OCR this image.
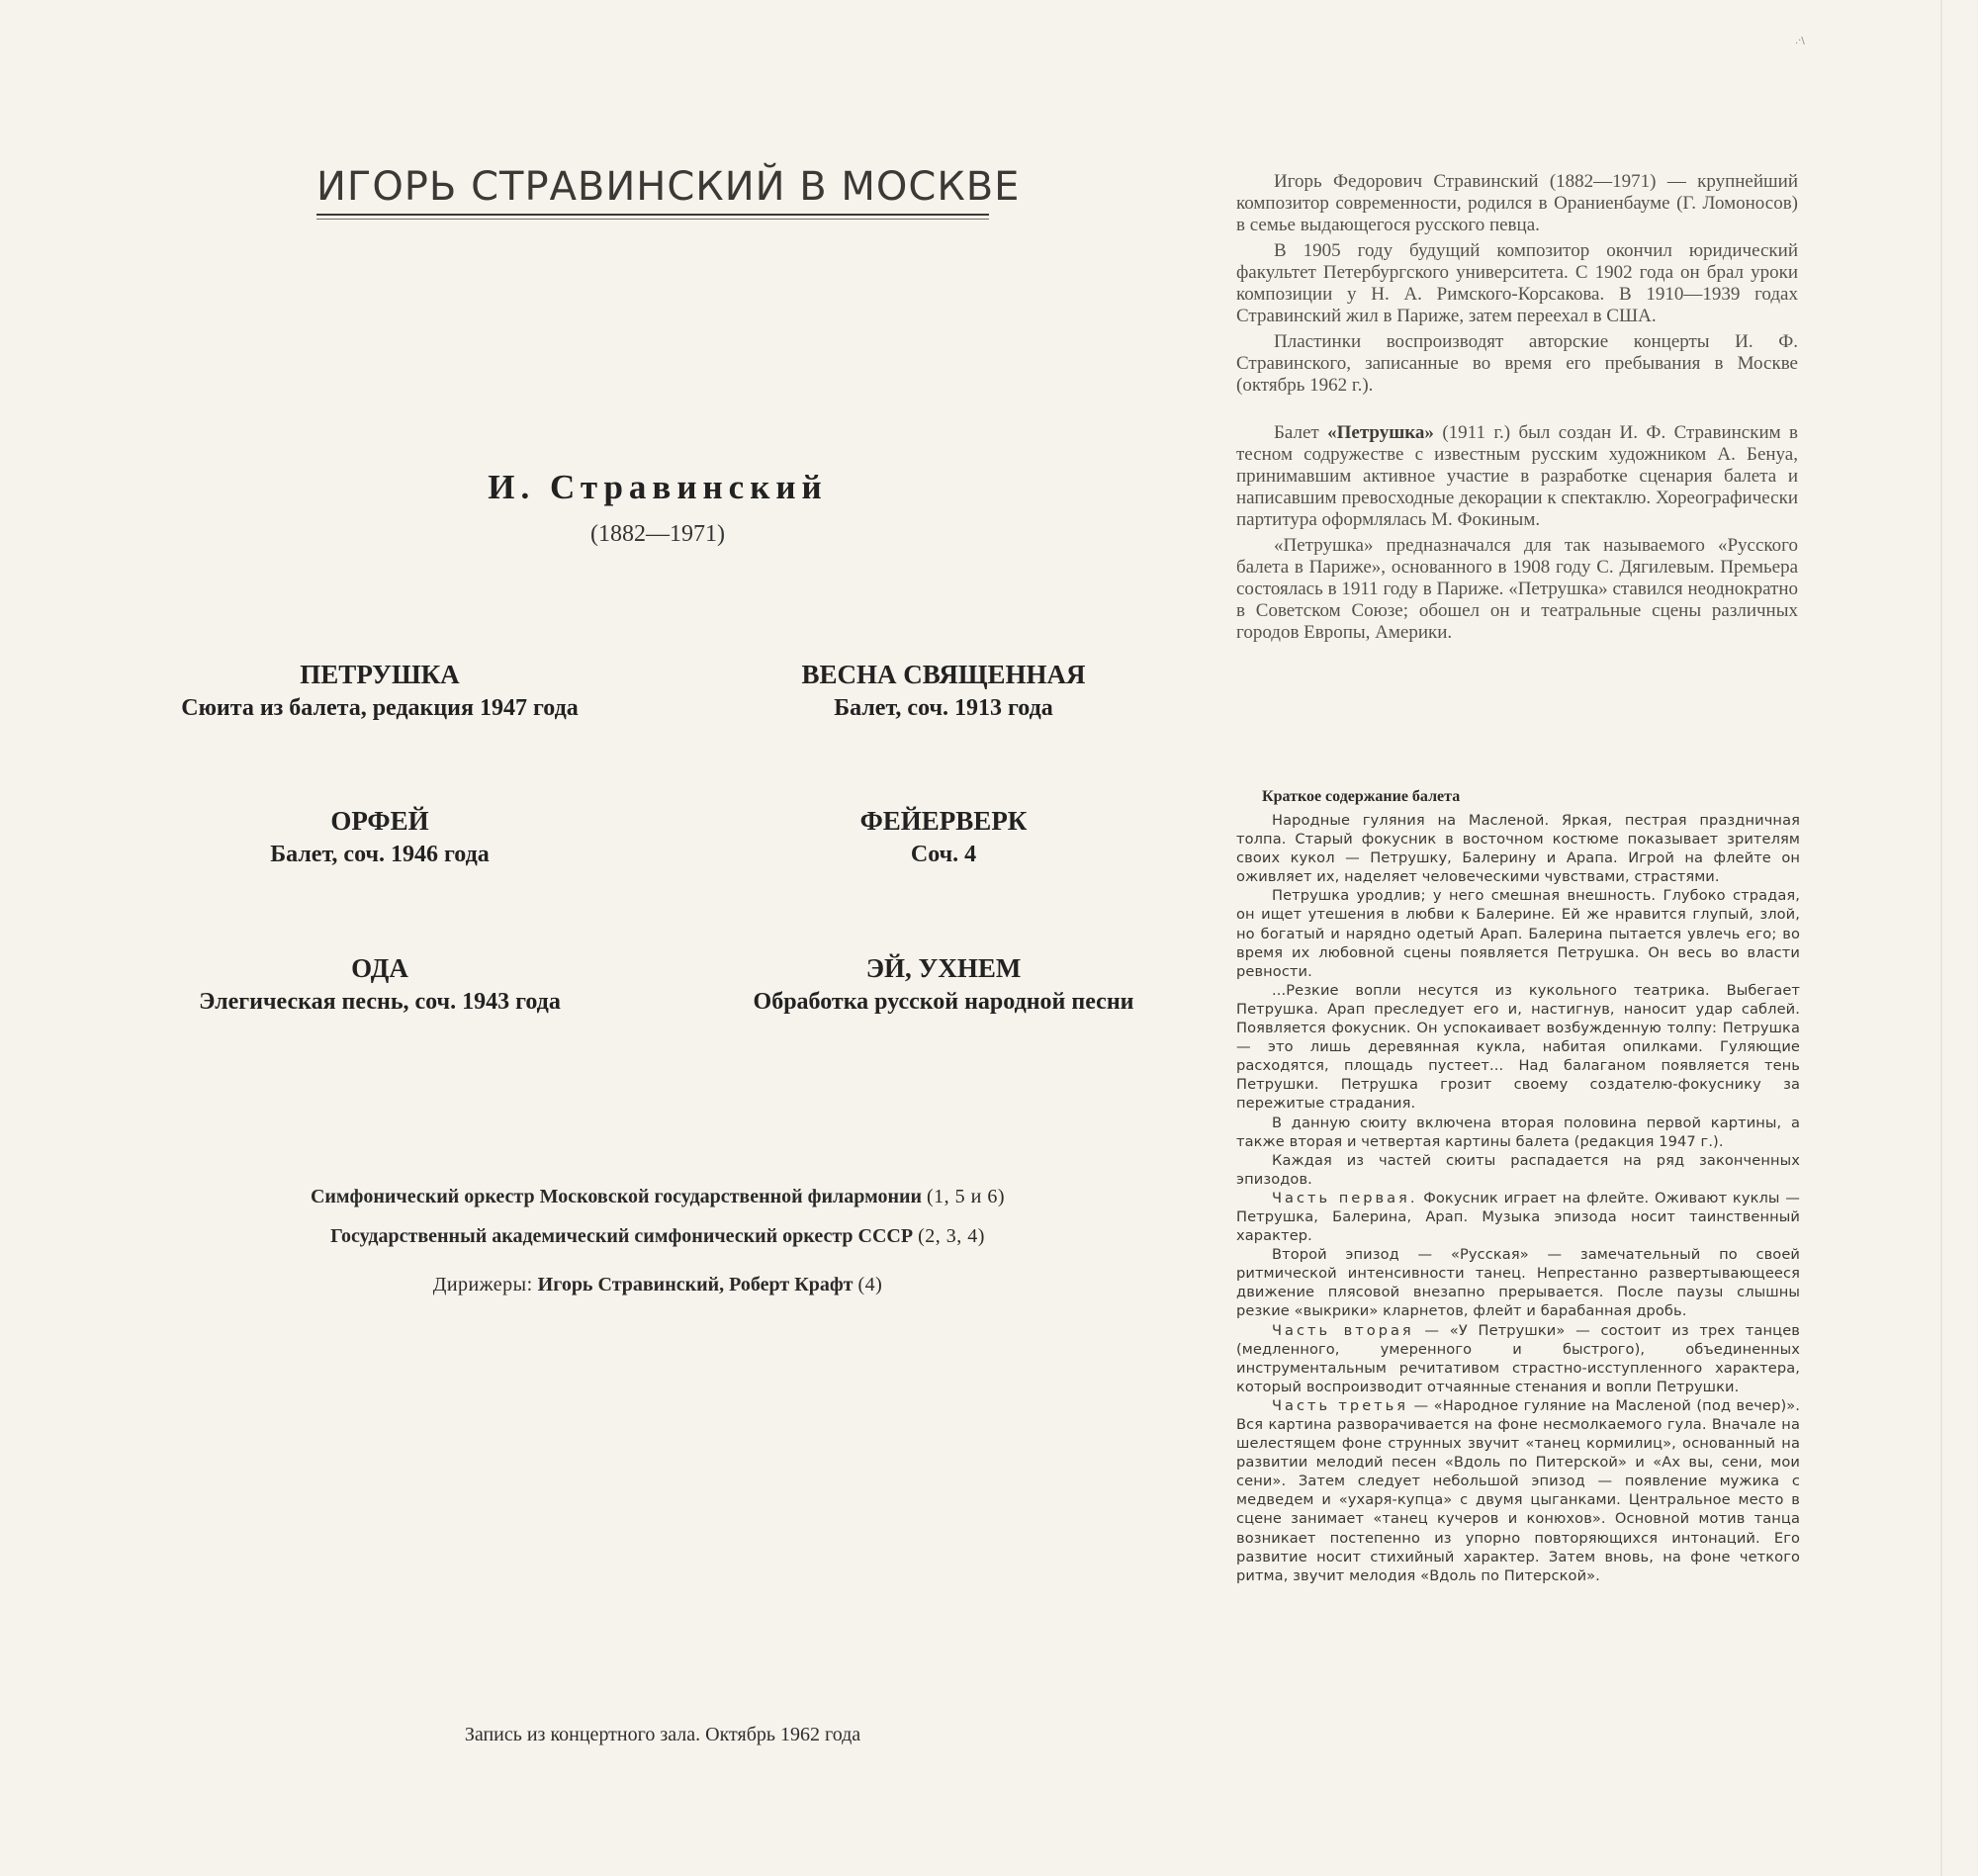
.·\
ИГОРЬ СТРАВИНСКИЙ В МОСКВЕ
И. Стравинский
(1882—1971)
ПЕТРУШКА
Сюита из балета, редакция 1947 года
ВЕСНА СВЯЩЕННАЯ
Балет, соч. 1913 года
ОРФЕЙ
Балет, соч. 1946 года
ФЕЙЕРВЕРК
Соч. 4
ОДА
Элегическая песнь, соч. 1943 года
ЭЙ, УХНЕМ
Обработка русской народной песни
Симфонический оркестр Московской государственной филармонии (1, 5 и 6)
Государственный академический симфонический оркестр СССР (2, 3, 4)
Дирижеры: Игорь Стравинский, Роберт Крафт (4)
Запись из концертного зала. Октябрь 1962 года

Игорь Федорович Стравинский (1882—1971) — крупнейший композитор современности, родился в Ораниенбауме (Г. Ломоносов) в семье выдающегося русского певца.

В 1905 году будущий композитор окончил юридический факультет Петербургского университета. С 1902 года он брал уроки композиции у Н. А. Римского-Корсакова. В 1910—1939 годах Стравинский жил в Париже, затем переехал в США.

Пластинки воспроизводят авторские концерты И. Ф. Стравинского, записанные во время его пребывания в Москве (октябрь 1962 г.).

Балет «Петрушка» (1911 г.) был создан И. Ф. Стравинским в тесном содружестве с известным русским художником А. Бенуа, принимавшим активное участие в разработке сценария балета и написавшим превосходные декорации к спектаклю. Хореографически партитура оформлялась М. Фокиным.

«Петрушка» предназначался для так называемого «Русского балета в Париже», основанного в 1908 году С. Дягилевым. Премьера состоялась в 1911 году в Париже. «Петрушка» ставился неоднократно в Советском Союзе; обошел он и театральные сцены различных городов Европы, Америки.

Краткое содержание балета

Народные гуляния на Масленой. Яркая, пестрая праздничная толпа. Старый фокусник в восточном костюме показывает зрителям своих кукол — Петрушку, Балерину и Арапа. Игрой на флейте он оживляет их, наделяет человеческими чувствами, страстями.

Петрушка уродлив; у него смешная внешность. Глубоко страдая, он ищет утешения в любви к Балерине. Ей же нравится глупый, злой, но богатый и нарядно одетый Арап. Балерина пытается увлечь его; во время их любовной сцены появляется Петрушка. Он весь во власти ревности.

...Резкие вопли несутся из кукольного театрика. Выбегает Петрушка. Арап преследует его и, настигнув, наносит удар саблей. Появляется фокусник. Он успокаивает возбужденную толпу: Петрушка — это лишь деревянная кукла, набитая опилками. Гуляющие расходятся, площадь пустеет... Над балаганом появляется тень Петрушки. Петрушка грозит своему создателю-фокуснику за пережитые страдания.

В данную сюиту включена вторая половина первой картины, а также вторая и четвертая картины балета (редакция 1947 г.).

Каждая из частей сюиты распадается на ряд законченных эпизодов.

Часть первая. Фокусник играет на флейте. Оживают куклы — Петрушка, Балерина, Арап. Музыка эпизода носит таинственный характер.

Второй эпизод — «Русская» — замечательный по своей ритмической интенсивности танец. Непрестанно развертывающееся движение плясовой внезапно прерывается. После паузы слышны резкие «выкрики» кларнетов, флейт и барабанная дробь.

Часть вторая — «У Петрушки» — состоит из трех танцев (медленного, умеренного и быстрого), объединенных инструментальным речитативом страстно-исступленного характера, который воспроизводит отчаянные стенания и вопли Петрушки.

Часть третья — «Народное гуляние на Масленой (под вечер)». Вся картина разворачивается на фоне несмолкаемого гула. Вначале на шелестящем фоне струнных звучит «танец кормилиц», основанный на развитии мелодий песен «Вдоль по Питерской» и «Ах вы, сени, мои сени». Затем следует небольшой эпизод — появление мужика с медведем и «ухаря-купца» с двумя цыганками. Центральное место в сцене занимает «танец кучеров и конюхов». Основной мотив танца возникает постепенно из упорно повторяющихся интонаций. Его развитие носит стихийный характер. Затем вновь, на фоне четкого ритма, звучит мелодия «Вдоль по Питерской».
